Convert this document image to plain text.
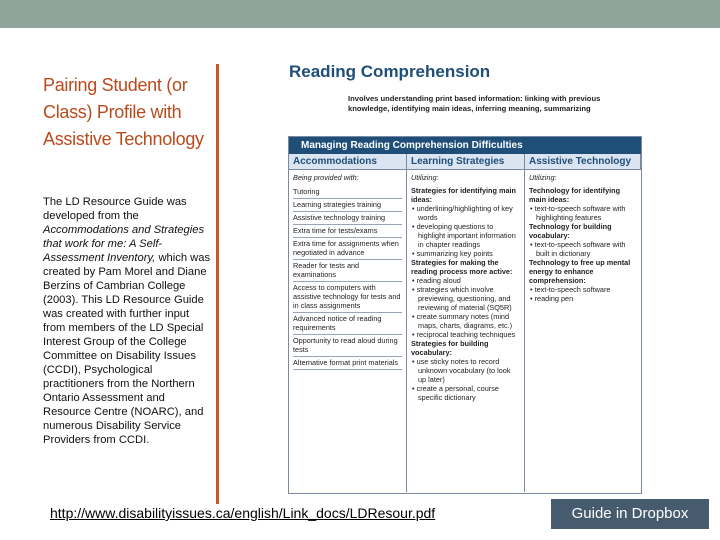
Pairing Student (or Class) Profile with Assistive Technology

The LD Resource Guide was developed from the Accommodations and Strategies that work for me: A Self-Assessment Inventory, which was created by Pam Morel and Diane Berzins of Cambrian College (2003). This LD Resource Guide was created with further input from members of the LD Special Interest Group of the College Committee on Disability Issues (CCDI), Psychological practitioners from the Northern Ontario Assessment and Resource Centre (NOARC), and numerous Disability Service Providers from CCDI.

Reading Comprehension
Involves understanding print based information: linking with previous knowledge, identifying main ideas, inferring meaning, summarizing
Managing Reading Comprehension Difficulties
Accommodations	Learning Strategies	Assistive Technology
Being provided with:
Tutoring
Learning strategies training
Assistive technology training
Extra time for tests/exams
Extra time for assignments when negotiated in advance
Reader for tests and examinations
Access to computers with assistive technology for tests and in class assignments
Advanced notice of reading requirements
Opportunity to read aloud during tests
Alternative format print materials
Utilizing:
Strategies for identifying main ideas:
• underlining/highlighting of key words
• developing questions to highlight important information in chapter readings
• summarizing key points
Strategies for making the reading process more active:
• reading aloud
• strategies which involve previewing, questioning, and reviewing of material (SQ5R)
• create summary notes (mind maps, charts, diagrams, etc.)
• reciprocal teaching techniques
Strategies for building vocabulary:
• use sticky notes to record unknown vocabulary (to look up later)
• create a personal, course specific dictionary
Utilizing:
Technology for identifying main ideas:
• text-to-speech software with highlighting features
Technology for building vocabulary:
• text-to-speech software with built in dictionary
Technology to free up mental energy to enhance comprehension:
• text-to-speech software
• reading pen
http://www.disabilityissues.ca/english/Link_docs/LDResour.pdf	Guide in Dropbox
